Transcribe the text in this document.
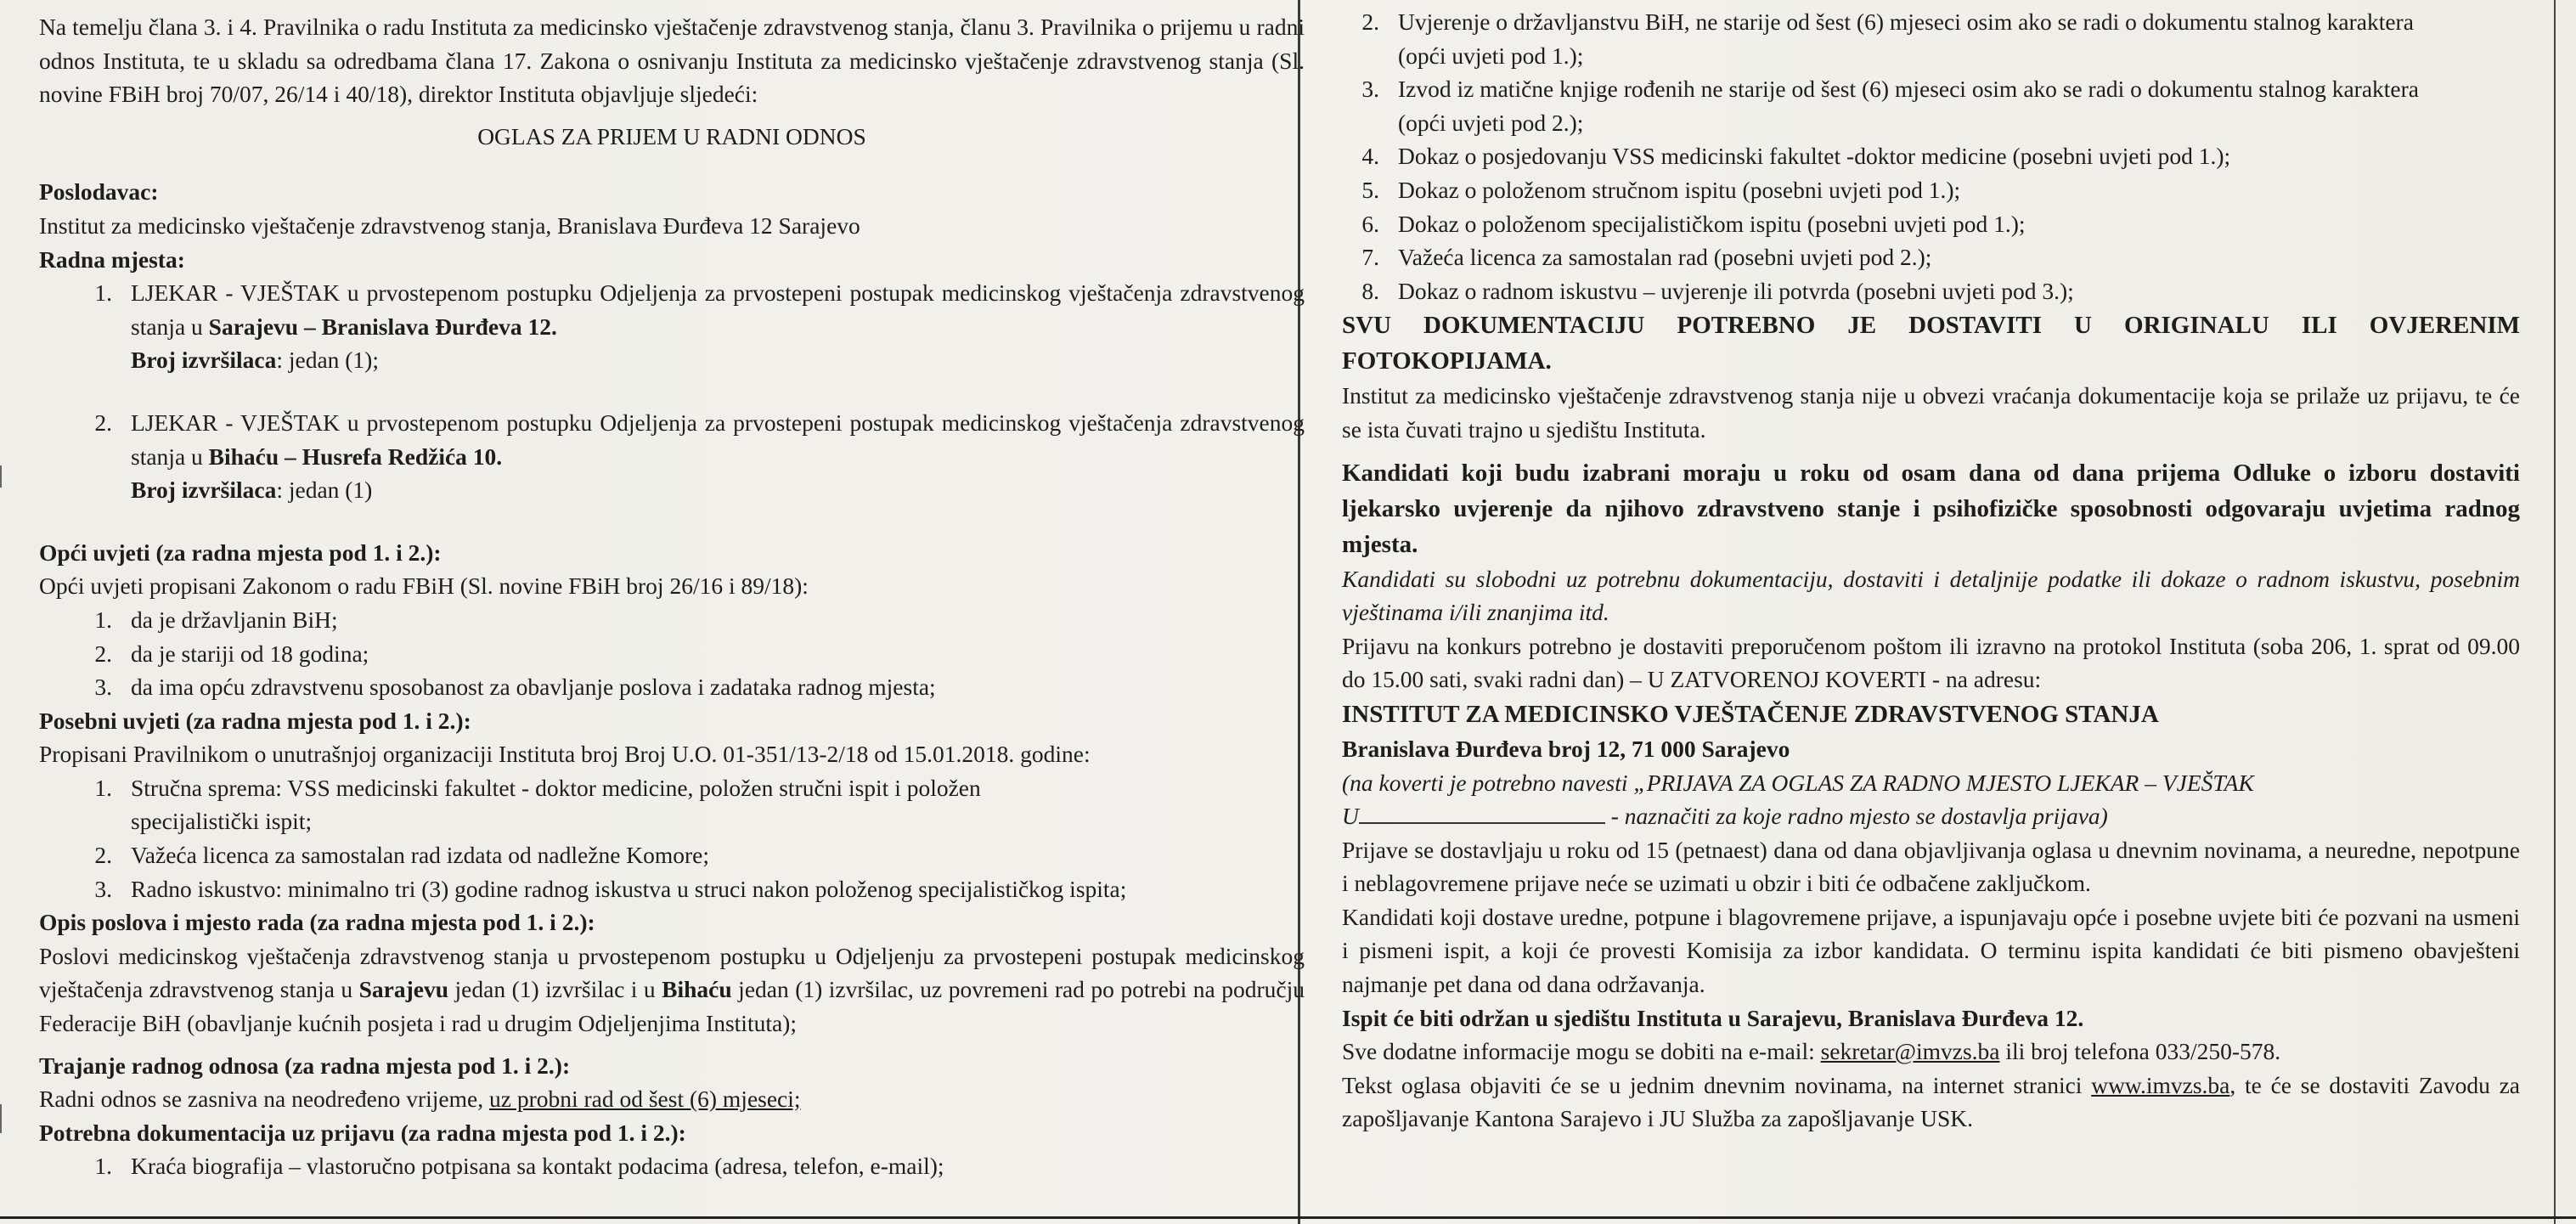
Na temelju člana 3. i 4. Pravilnika o radu Instituta za medicinsko vještačenje zdravstvenog stanja, članu 3. Pravilnika o prijemu u radni odnos Instituta, te u skladu sa odredbama člana 17. Zakona o osnivanju Instituta za medicinsko vještačenje zdravstvenog stanja (Sl. novine FBiH broj 70/07, 26/14 i 40/18), direktor Instituta objavljuje sljedeći:

OGLAS ZA PRIJEM U RADNI ODNOS

Poslodavac:

Institut za medicinsko vještačenje zdravstvenog stanja, Branislava Đurđeva 12 Sarajevo

Radna mjesta:

1. LJEKAR - VJEŠTAK u prvostepenom postupku Odjeljenja za prvostepeni postupak medicinskog vještačenja zdravstvenog stanja u Sarajevu – Branislava Đurđeva 12.
Broj izvršilaca: jedan (1);
2. LJEKAR - VJEŠTAK u prvostepenom postupku Odjeljenja za prvostepeni postupak medicinskog vještačenja zdravstvenog stanja u Bihaću – Husrefa Redžića 10.
Broj izvršilaca: jedan (1)

Opći uvjeti (za radna mjesta pod 1. i 2.):

Opći uvjeti propisani Zakonom o radu FBiH (Sl. novine FBiH broj 26/16 i 89/18):

1. da je državljanin BiH;
2. da je stariji od 18 godina;
3. da ima opću zdravstvenu sposobanost za obavljanje poslova i zadataka radnog mjesta;

Posebni uvjeti (za radna mjesta pod 1. i 2.):

Propisani Pravilnikom o unutrašnjoj organizaciji Instituta broj Broj U.O. 01-351/13-2/18 od 15.01.2018. godine:

1. Stručna sprema: VSS medicinski fakultet - doktor medicine, položen stručni ispit i položen specijalistički ispit;
2. Važeća licenca za samostalan rad izdata od nadležne Komore;
3. Radno iskustvo: minimalno tri (3) godine radnog iskustva u struci nakon položenog specijalističkog ispita;

Opis poslova i mjesto rada (za radna mjesta pod 1. i 2.):

Poslovi medicinskog vještačenja zdravstvenog stanja u prvostepenom postupku u Odjeljenju za prvostepeni postupak medicinskog vještačenja zdravstvenog stanja u Sarajevu jedan (1) izvršilac i u Bihaću jedan (1) izvršilac, uz povremeni rad po potrebi na području Federacije BiH (obavljanje kućnih posjeta i rad u drugim Odjeljenjima Instituta);

Trajanje radnog odnosa (za radna mjesta pod 1. i 2.):

Radni odnos se zasniva na neodređeno vrijeme, uz probni rad od šest (6) mjeseci;

Potrebna dokumentacija uz prijavu (za radna mjesta pod 1. i 2.):

1. Kraća biografija – vlastoručno potpisana sa kontakt podacima (adresa, telefon, e-mail);
2. Uvjerenje o državljanstvu BiH, ne starije od šest (6) mjeseci osim ako se radi o dokumentu stalnog karaktera (opći uvjeti pod 1.);
3. Izvod iz matične knjige rođenih ne starije od šest (6) mjeseci osim ako se radi o dokumentu stalnog karaktera (opći uvjeti pod 2.);
4. Dokaz o posjedovanju VSS medicinski fakultet -doktor medicine (posebni uvjeti pod 1.);
5. Dokaz o položenom stručnom ispitu (posebni uvjeti pod 1.);
6. Dokaz o položenom specijalističkom ispitu (posebni uvjeti pod 1.);
7. Važeća licenca za samostalan rad (posebni uvjeti pod 2.);
8. Dokaz o radnom iskustvu – uvjerenje ili potvrda (posebni uvjeti pod 3.);

SVU DOKUMENTACIJU POTREBNO JE DOSTAVITI U ORIGINALU ILI OVJERENIM FOTOKOPIJAMA.

Institut za medicinsko vještačenje zdravstvenog stanja nije u obvezi vraćanja dokumentacije koja se prilaže uz prijavu, te će se ista čuvati trajno u sjedištu Instituta.

Kandidati koji budu izabrani moraju u roku od osam dana od dana prijema Odluke o izboru dostaviti ljekarsko uvjerenje da njihovo zdravstveno stanje i psihofizičke sposobnosti odgovaraju uvjetima radnog mjesta.

Kandidati su slobodni uz potrebnu dokumentaciju, dostaviti i detaljnije podatke ili dokaze o radnom iskustvu, posebnim vještinama i/ili znanjima itd.

Prijavu na konkurs potrebno je dostaviti preporučenom poštom ili izravno na protokol Instituta (soba 206, 1. sprat od 09.00 do 15.00 sati, svaki radni dan) – U ZATVORENOJ KOVERTI - na adresu:

INSTITUT ZA MEDICINSKO VJEŠTAČENJE ZDRAVSTVENOG STANJA

Branislava Đurđeva broj 12, 71 000 Sarajevo

(na koverti je potrebno navesti „PRIJAVA ZA OGLAS ZA RADNO MJESTO LJEKAR – VJEŠTAK
U	- naznačiti za koje radno mjesto se dostavlja prijava)

Prijave se dostavljaju u roku od 15 (petnaest) dana od dana objavljivanja oglasa u dnevnim novinama, a neuredne, nepotpune i neblagovremene prijave neće se uzimati u obzir i biti će odbačene zaključkom.

Kandidati koji dostave uredne, potpune i blagovremene prijave, a ispunjavaju opće i posebne uvjete biti će pozvani na usmeni i pismeni ispit, a koji će provesti Komisija za izbor kandidata. O terminu ispita kandidati će biti pismeno obavješteni najmanje pet dana od dana održavanja.

Ispit će biti održan u sjedištu Instituta u Sarajevu, Branislava Đurđeva 12.

Sve dodatne informacije mogu se dobiti na e-mail: sekretar@imvzs.ba ili broj telefona 033/250-578.

Tekst oglasa objaviti će se u jednim dnevnim novinama, na internet stranici www.imvzs.ba, te će se dostaviti Zavodu za zapošljavanje Kantona Sarajevo i JU Služba za zapošljavanje USK.
